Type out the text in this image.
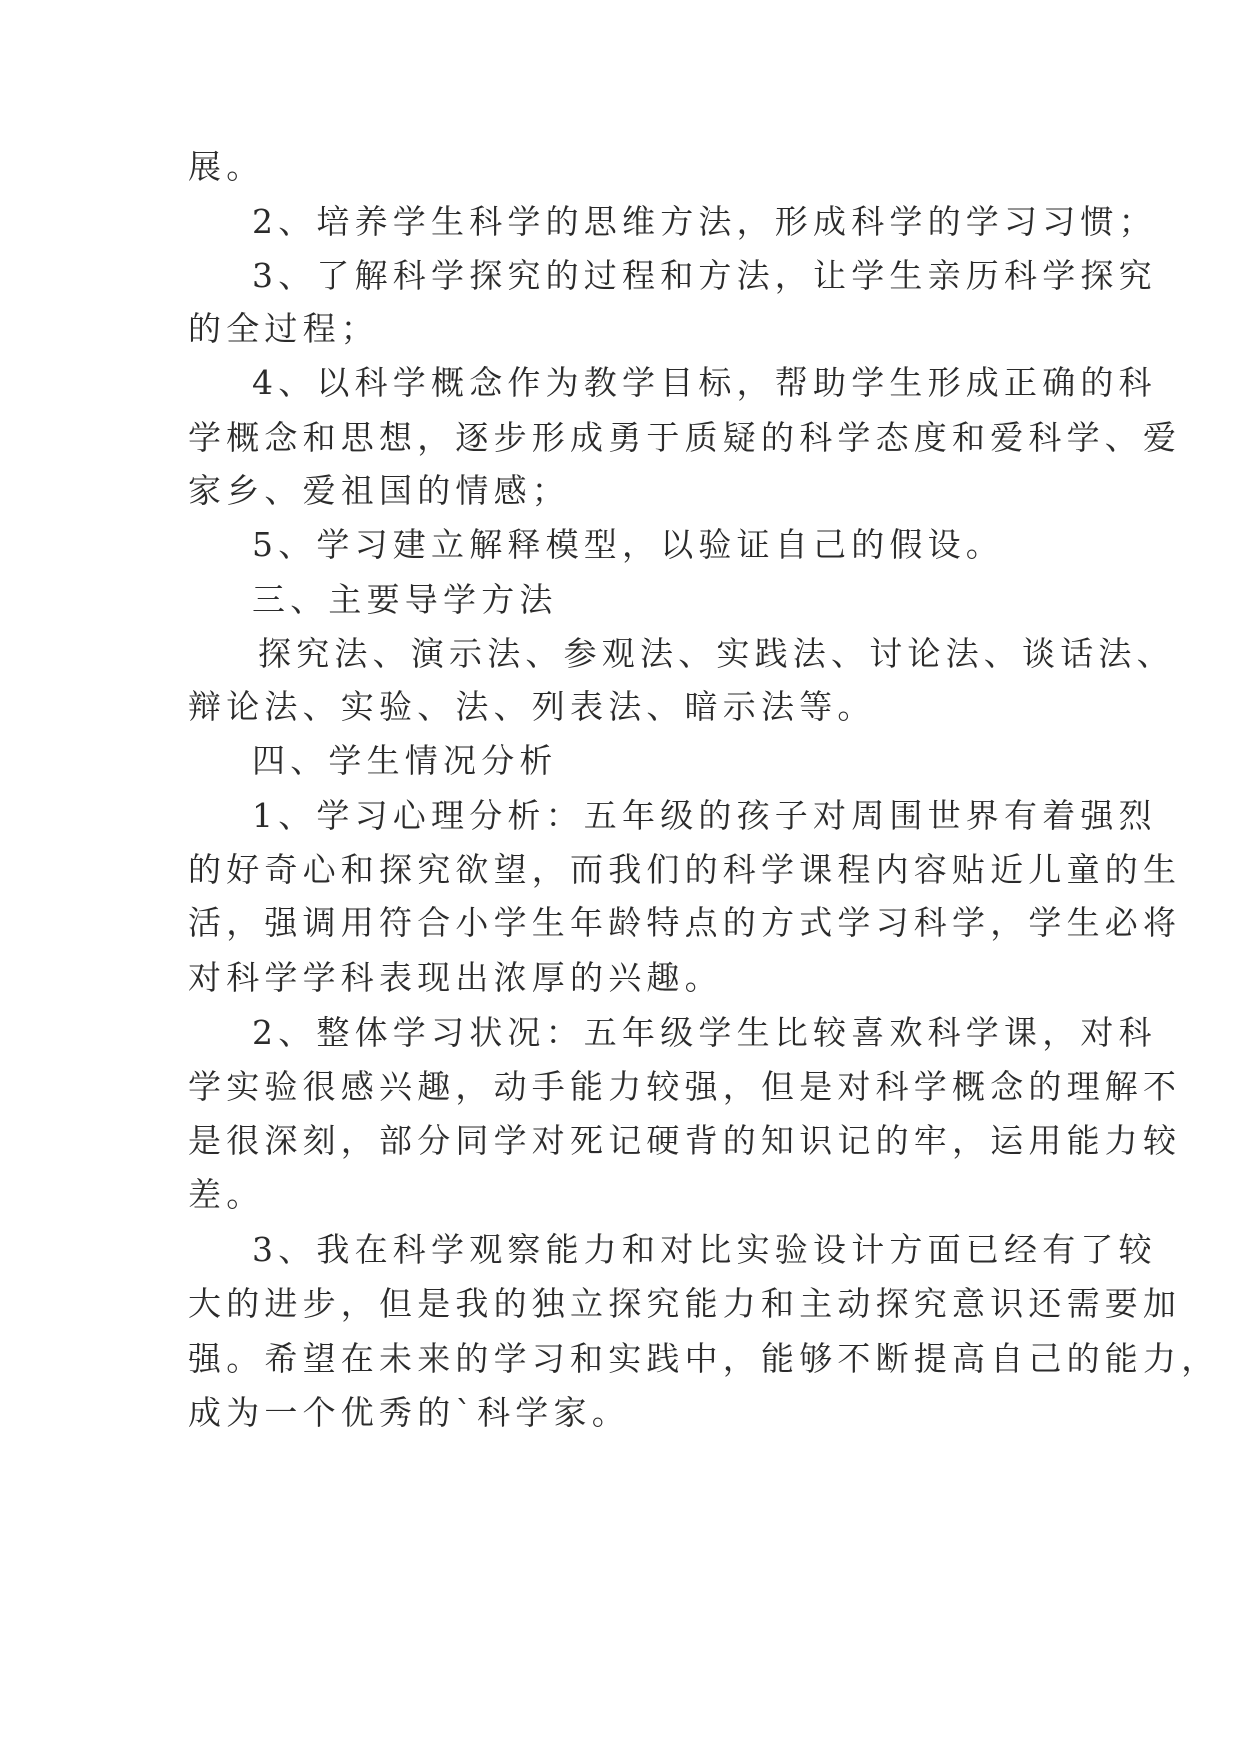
展。

2、培养学生科学的思维方法，形成科学的学习习惯；

3、了解科学探究的过程和方法，让学生亲历科学探究

的全过程；

4、以科学概念作为教学目标，帮助学生形成正确的科

学概念和思想，逐步形成勇于质疑的科学态度和爱科学、爱

家乡、爱祖国的情感；

5、学习建立解释模型，以验证自己的假设。

三、主要导学方法

探究法、演示法、参观法、实践法、讨论法、谈话法、

辩论法、实验、法、列表法、暗示法等。

四、学生情况分析

1、学习心理分析：五年级的孩子对周围世界有着强烈

的好奇心和探究欲望，而我们的科学课程内容贴近儿童的生

活，强调用符合小学生年龄特点的方式学习科学，学生必将

对科学学科表现出浓厚的兴趣。

2、整体学习状况：五年级学生比较喜欢科学课，对科

学实验很感兴趣，动手能力较强，但是对科学概念的理解不

是很深刻，部分同学对死记硬背的知识记的牢，运用能力较

差。

3、我在科学观察能力和对比实验设计方面已经有了较

大的进步，但是我的独立探究能力和主动探究意识还需要加

强。希望在未来的学习和实践中，能够不断提高自己的能力，

成为一个优秀的`科学家。
